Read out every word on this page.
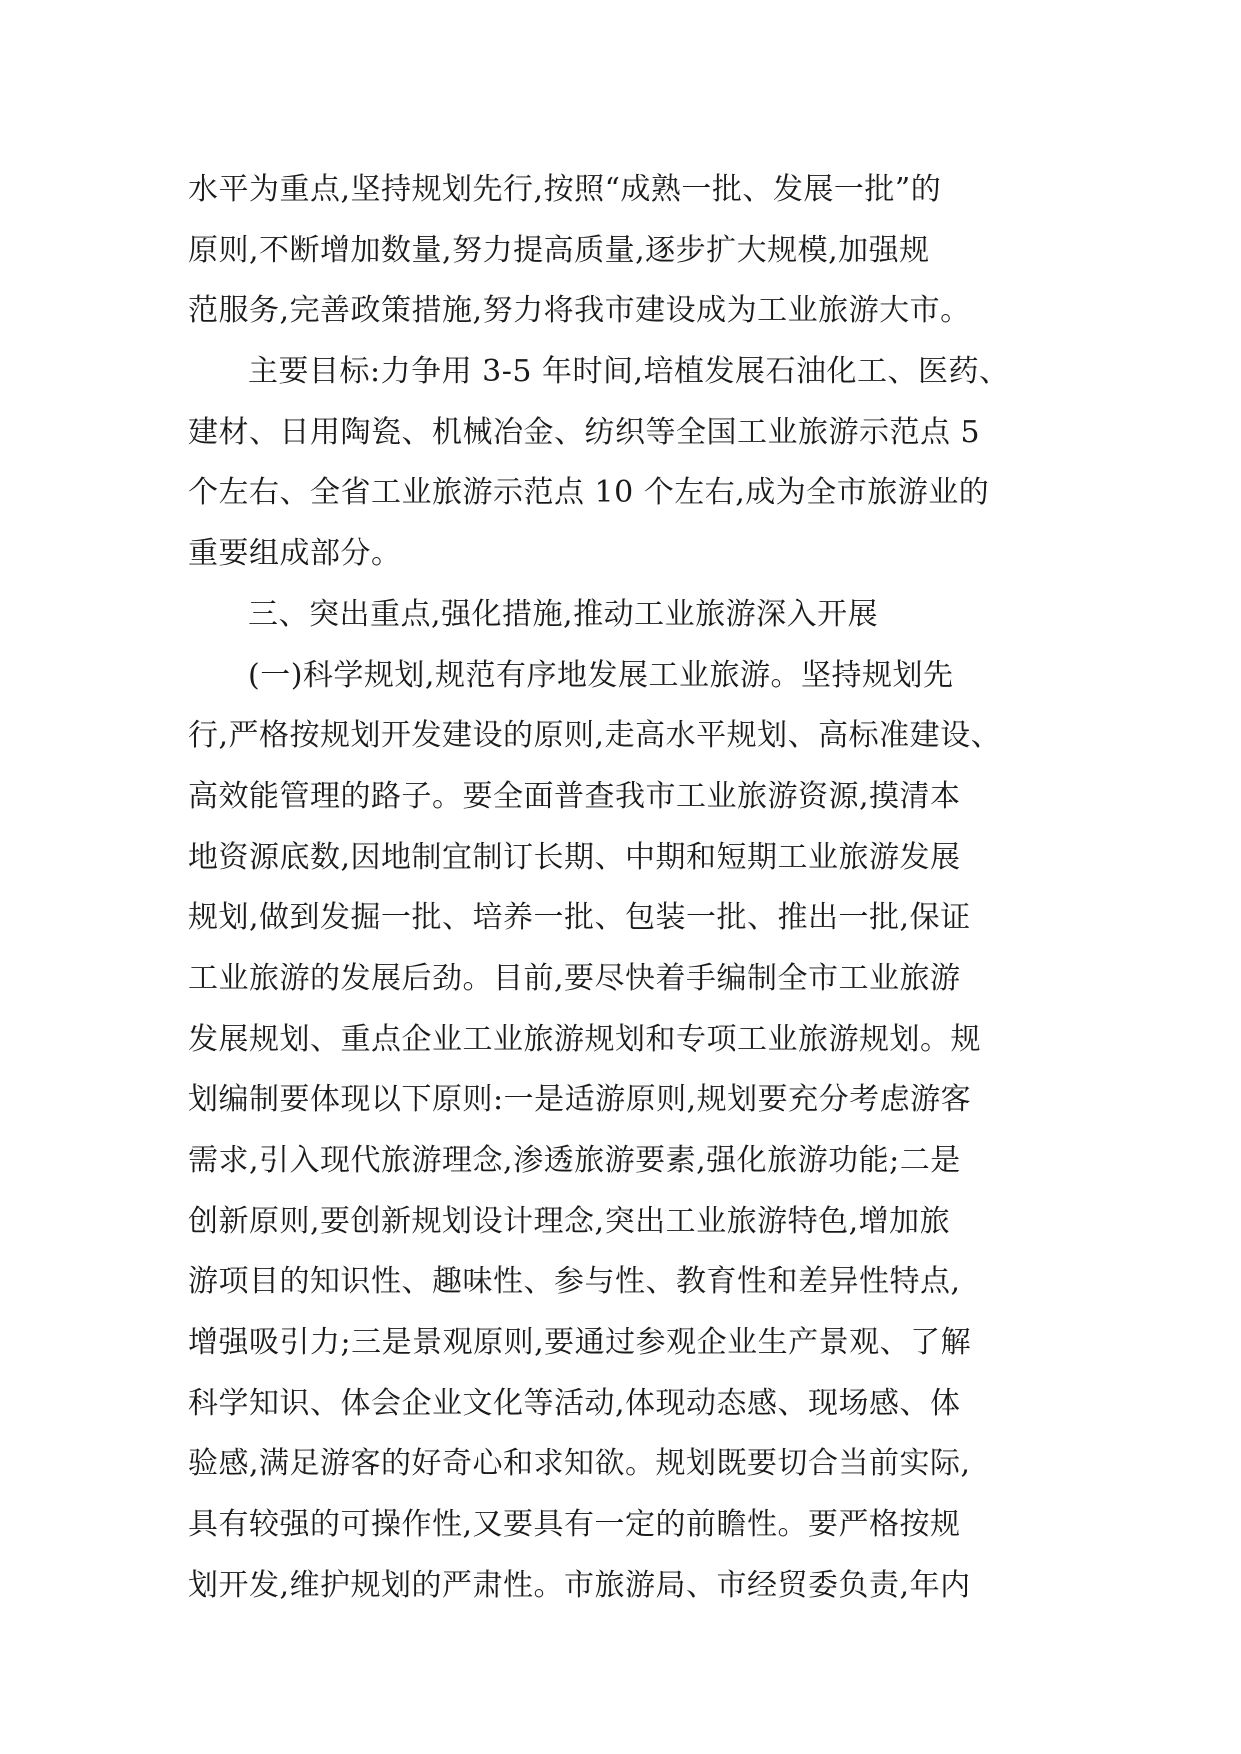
水平为重点,坚持规划先行,按照“成熟一批、发展一批”的
原则,不断增加数量,努力提高质量,逐步扩大规模,加强规
范服务,完善政策措施,努力将我市建设成为工业旅游大市。
主要目标:力争用 3-5 年时间,培植发展石油化工、医药、
建材、日用陶瓷、机械冶金、纺织等全国工业旅游示范点 5
个左右、全省工业旅游示范点 10 个左右,成为全市旅游业的
重要组成部分。
三、突出重点,强化措施,推动工业旅游深入开展
(一)科学规划,规范有序地发展工业旅游。坚持规划先
行,严格按规划开发建设的原则,走高水平规划、高标准建设、
高效能管理的路子。要全面普查我市工业旅游资源,摸清本
地资源底数,因地制宜制订长期、中期和短期工业旅游发展
规划,做到发掘一批、培养一批、包装一批、推出一批,保证
工业旅游的发展后劲。目前,要尽快着手编制全市工业旅游
发展规划、重点企业工业旅游规划和专项工业旅游规划。规
划编制要体现以下原则:一是适游原则,规划要充分考虑游客
需求,引入现代旅游理念,渗透旅游要素,强化旅游功能;二是
创新原则,要创新规划设计理念,突出工业旅游特色,增加旅
游项目的知识性、趣味性、参与性、教育性和差异性特点,
增强吸引力;三是景观原则,要通过参观企业生产景观、了解
科学知识、体会企业文化等活动,体现动态感、现场感、体
验感,满足游客的好奇心和求知欲。规划既要切合当前实际,
具有较强的可操作性,又要具有一定的前瞻性。要严格按规
划开发,维护规划的严肃性。市旅游局、市经贸委负责,年内
